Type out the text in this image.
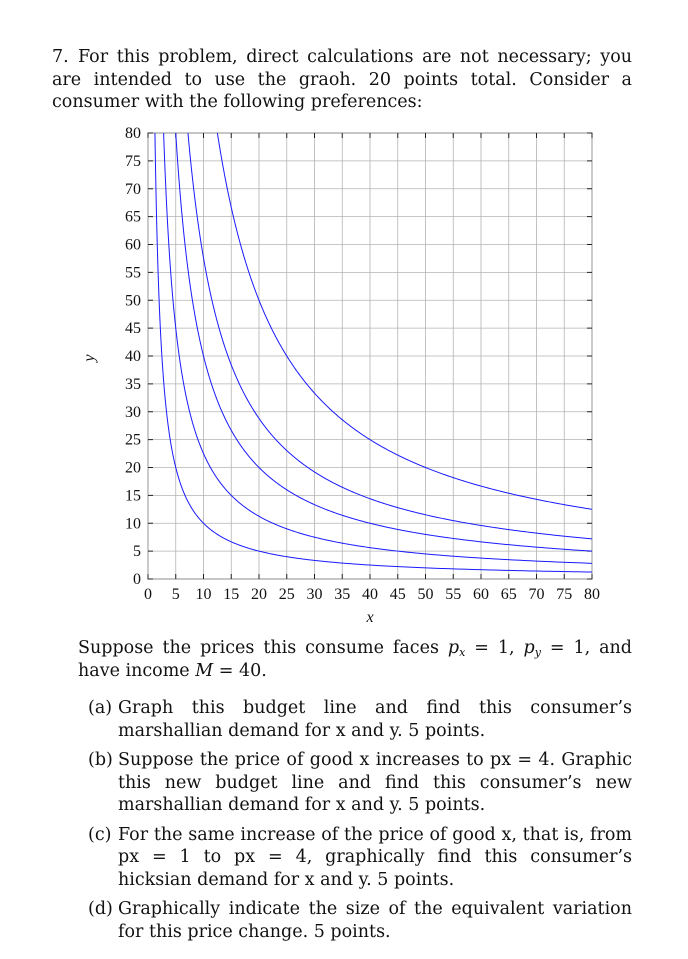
7. For this problem, direct calculations are not necessary; you are intended to use the graoh. 20 points total. Consider a consumer with the following preferences:
0 5 10 15 20 25 30 35 40 45 50 55 60 65 70 75 80
0
5
10
15
20
25
30
35
40
45
50
55
60
65
70
75
80
x
y
Suppose the prices this consume faces $p_x = 1$, $p_y = 1$, and have income M = 40.
(a) Graph this budget line and find this consumer’s marshallian demand for x and y. 5 points.
(b) Suppose the price of good x increases to px = 4. Graphic this new budget line and find this consumer’s new marshallian demand for x and y. 5 points.
(c) For the same increase of the price of good x, that is, from px = 1 to px = 4, graphically find this consumer’s hicksian demand for x and y. 5 points.
(d) Graphically indicate the size of the equivalent variation for this price change. 5 points.
